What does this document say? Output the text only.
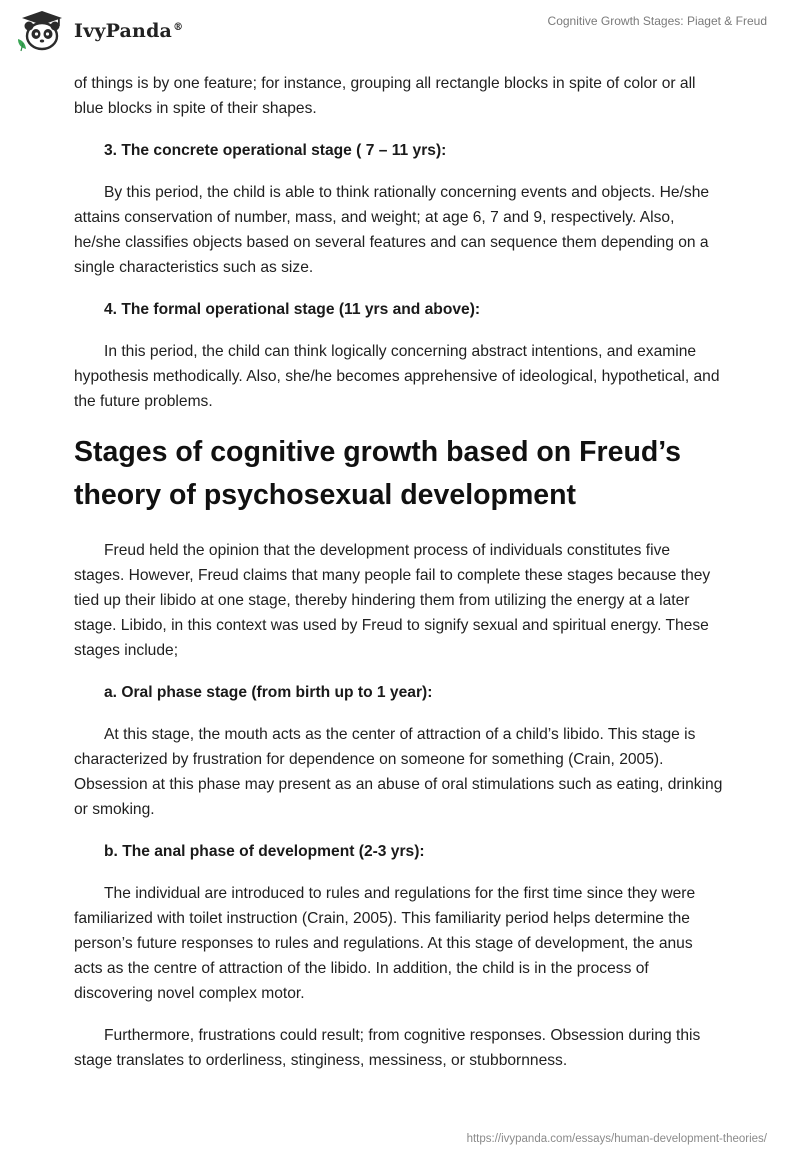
IvyPanda®	Cognitive Growth Stages: Piaget & Freud

of things is by one feature; for instance, grouping all rectangle blocks in spite of color or all blue blocks in spite of their shapes.

3. The concrete operational stage ( 7 – 11 yrs):

By this period, the child is able to think rationally concerning events and objects. He/she attains conservation of number, mass, and weight; at age 6, 7 and 9, respectively. Also, he/she classifies objects based on several features and can sequence them depending on a single characteristics such as size.

4. The formal operational stage (11 yrs and above):

In this period, the child can think logically concerning abstract intentions, and examine hypothesis methodically. Also, she/he becomes apprehensive of ideological, hypothetical, and the future problems.

Stages of cognitive growth based on Freud’s theory of psychosexual development

Freud held the opinion that the development process of individuals constitutes five stages. However, Freud claims that many people fail to complete these stages because they tied up their libido at one stage, thereby hindering them from utilizing the energy at a later stage. Libido, in this context was used by Freud to signify sexual and spiritual energy. These stages include;

a. Oral phase stage (from birth up to 1 year):

At this stage, the mouth acts as the center of attraction of a child’s libido. This stage is characterized by frustration for dependence on someone for something (Crain, 2005). Obsession at this phase may present as an abuse of oral stimulations such as eating, drinking or smoking.

b. The anal phase of development (2-3 yrs):

The individual are introduced to rules and regulations for the first time since they were familiarized with toilet instruction (Crain, 2005). This familiarity period helps determine the person’s future responses to rules and regulations. At this stage of development, the anus acts as the centre of attraction of the libido. In addition, the child is in the process of discovering novel complex motor.

Furthermore, frustrations could result; from cognitive responses. Obsession during this stage translates to orderliness, stinginess, messiness, or stubbornness.

https://ivypanda.com/essays/human-development-theories/
